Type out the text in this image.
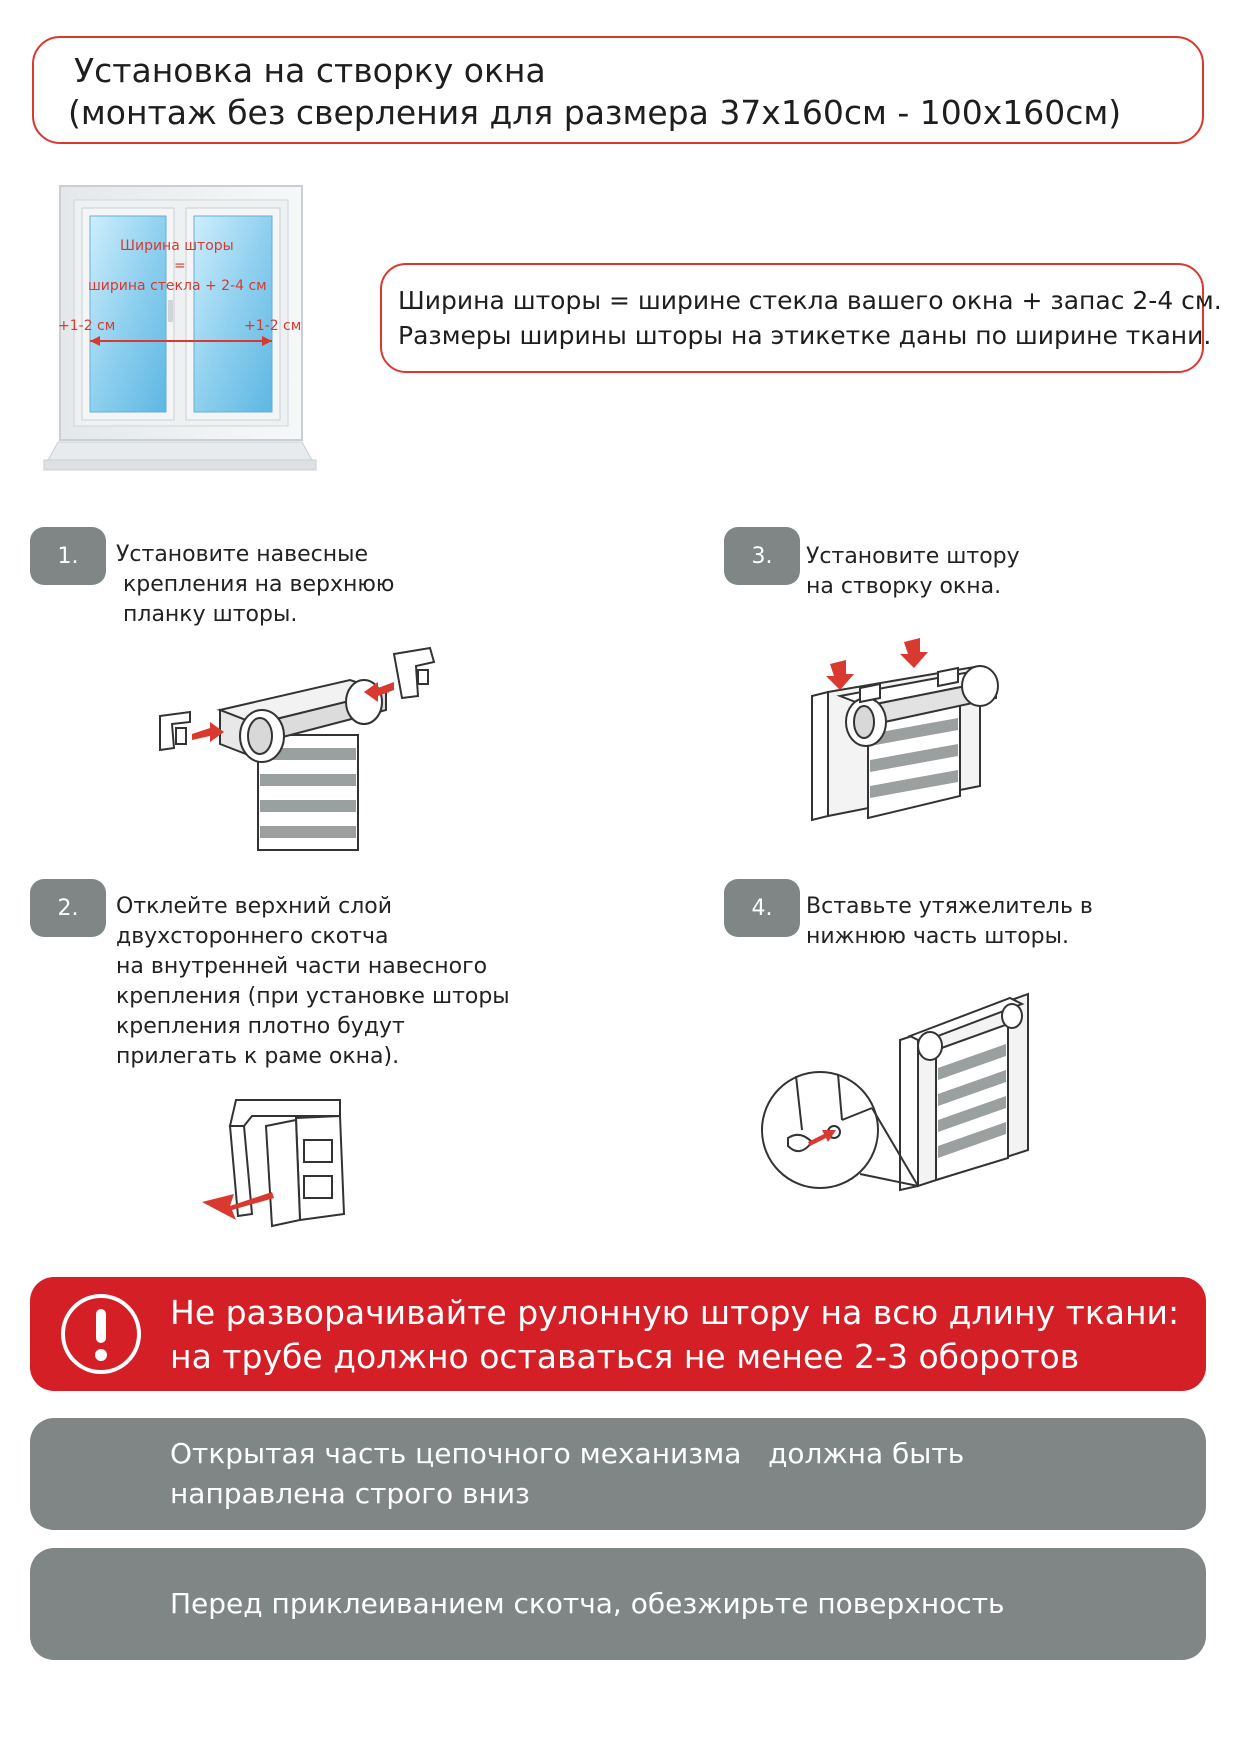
Установка на створку окна
(монтаж без сверления для размера 37х160см - 100х160см)
Ширина шторы
=
ширина стекла + 2-4 см
+1-2 см	+1-2 см
Ширина шторы = ширине стекла вашего окна + запас 2-4 см.
Размеры ширины шторы на этикетке даны по ширине ткани.
1.	Установите навесные
крепления на верхнюю
планку шторы.
2.	Отклейте верхний слой
двухстороннего скотча
на внутренней части навесного
крепления (при установке шторы
крепления плотно будут
прилегать к раме окна).
3.	Установите штору
на створку окна.
4.	Вставьте утяжелитель в
нижнюю часть шторы.
Не разворачивайте рулонную штору на всю длину ткани:
на трубе должно оставаться не менее 2-3 оборотов
Открытая часть цепочного механизма   должна быть
направлена строго вниз
Перед приклеиванием скотча, обезжирьте поверхность
